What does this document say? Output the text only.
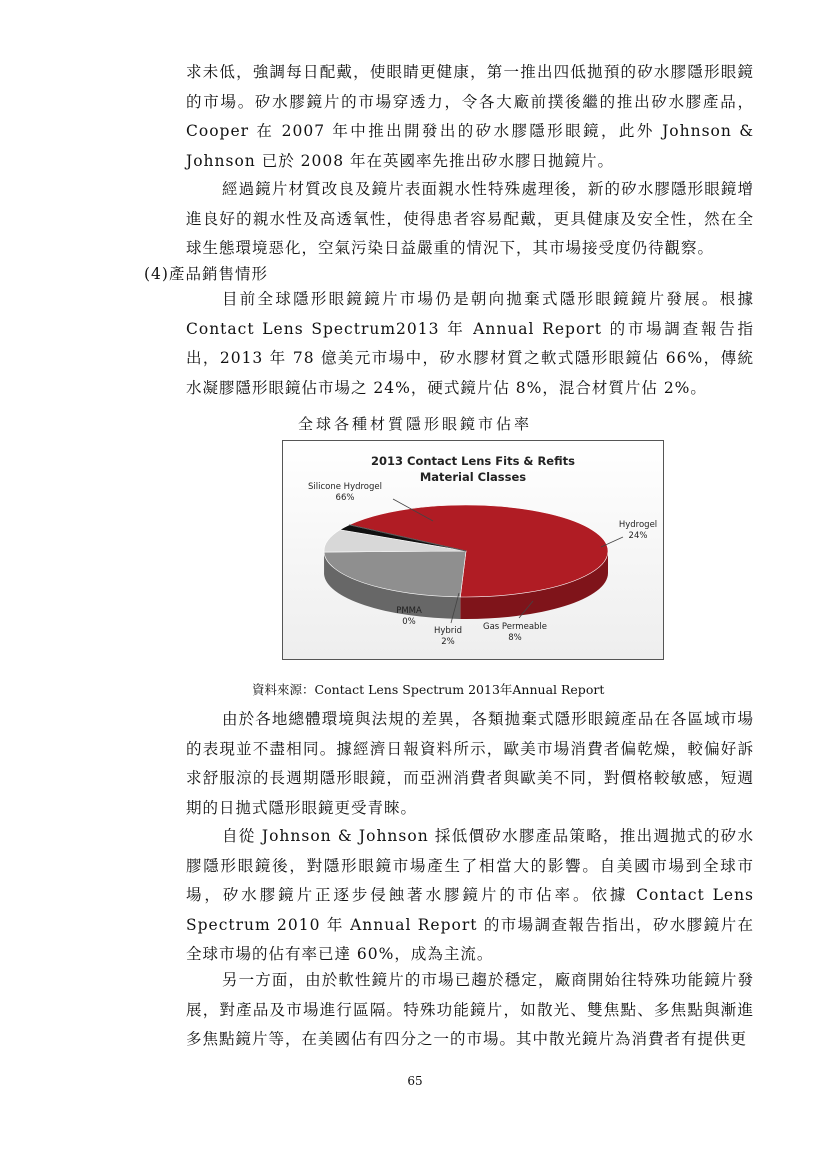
求未低，強調每日配戴，使眼睛更健康，第一推出四低拋預的矽水膠隱形眼鏡的市場。矽水膠鏡片的市場穿透力，令各大廠前撲後繼的推出矽水膠產品，Cooper 在 2007 年中推出開發出的矽水膠隱形眼鏡，此外 Johnson & Johnson 已於 2008 年在英國率先推出矽水膠日拋鏡片。

經過鏡片材質改良及鏡片表面親水性特殊處理後，新的矽水膠隱形眼鏡增進良好的親水性及高透氧性，使得患者容易配戴，更具健康及安全性，然在全球生態環境惡化，空氣污染日益嚴重的情況下，其市場接受度仍待觀察。

(4)產品銷售情形

目前全球隱形眼鏡鏡片市場仍是朝向拋棄式隱形眼鏡鏡片發展。根據 Contact Lens Spectrum2013 年 Annual Report 的市場調查報告指出，2013 年 78 億美元市場中，矽水膠材質之軟式隱形眼鏡佔 66%，傳統水凝膠隱形眼鏡佔市場之 24%，硬式鏡片佔 8%，混合材質片佔 2%。

全球各種材質隱形眼鏡市佔率
2013 Contact Lens Fits & Refits
Material Classes
Silicone Hydrogel
66%
Hydrogel
24%
Gas Permeable
8%
Hybrid
2%
PMMA
0%
資料來源：Contact Lens Spectrum 2013年Annual Report

由於各地總體環境與法規的差異，各類拋棄式隱形眼鏡產品在各區域市場的表現並不盡相同。據經濟日報資料所示，歐美市場消費者偏乾燥，較偏好訴求舒服涼的長週期隱形眼鏡，而亞洲消費者與歐美不同，對價格較敏感，短週期的日拋式隱形眼鏡更受青睞。

自從 Johnson & Johnson 採低價矽水膠產品策略，推出週拋式的矽水膠隱形眼鏡後，對隱形眼鏡市場產生了相當大的影響。自美國市場到全球市場，矽水膠鏡片正逐步侵蝕著水膠鏡片的市佔率。依據 Contact Lens Spectrum 2010 年 Annual Report 的市場調查報告指出，矽水膠鏡片在全球市場的佔有率已達 60%，成為主流。

另一方面，由於軟性鏡片的市場已趨於穩定，廠商開始往特殊功能鏡片發展，對產品及市場進行區隔。特殊功能鏡片，如散光、雙焦點、多焦點與漸進多焦點鏡片等，在美國佔有四分之一的市場。其中散光鏡片為消費者有提供更

65
